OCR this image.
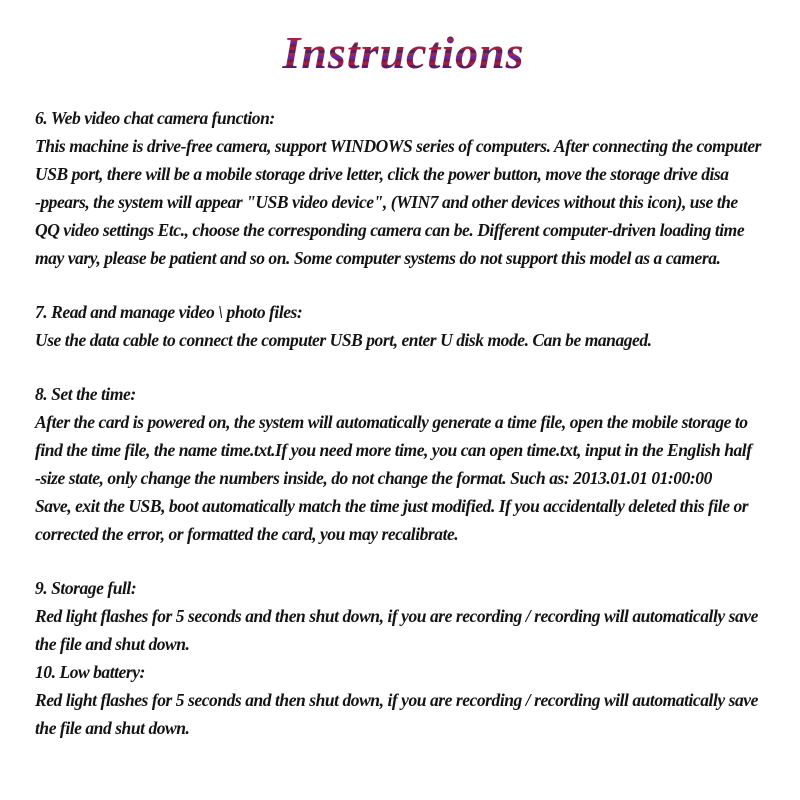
Instructions
6. Web video chat camera function:
This machine is drive-free camera, support WINDOWS series of computers. After connecting the computer
USB port, there will be a mobile storage drive letter, click the power button, move the storage drive disa
-ppears, the system will appear "USB video device", (WIN7 and other devices without this icon), use the
QQ video settings Etc., choose the corresponding camera can be. Different computer-driven loading time
may vary, please be patient and so on. Some computer systems do not support this model as a camera.
7. Read and manage video \ photo files:
Use the data cable to connect the computer USB port, enter U disk mode. Can be managed.
8. Set the time:
After the card is powered on, the system will automatically generate a time file, open the mobile storage to
find the time file, the name time.txt.If you need more time, you can open time.txt, input in the English half
-size state, only change the numbers inside, do not change the format. Such as: 2013.01.01 01:00:00
Save, exit the USB, boot automatically match the time just modified. If you accidentally deleted this file or
corrected the error, or formatted the card, you may recalibrate.
9. Storage full:
Red light flashes for 5 seconds and then shut down, if you are recording / recording will automatically save
the file and shut down.
10. Low battery:
Red light flashes for 5 seconds and then shut down, if you are recording / recording will automatically save
the file and shut down.
